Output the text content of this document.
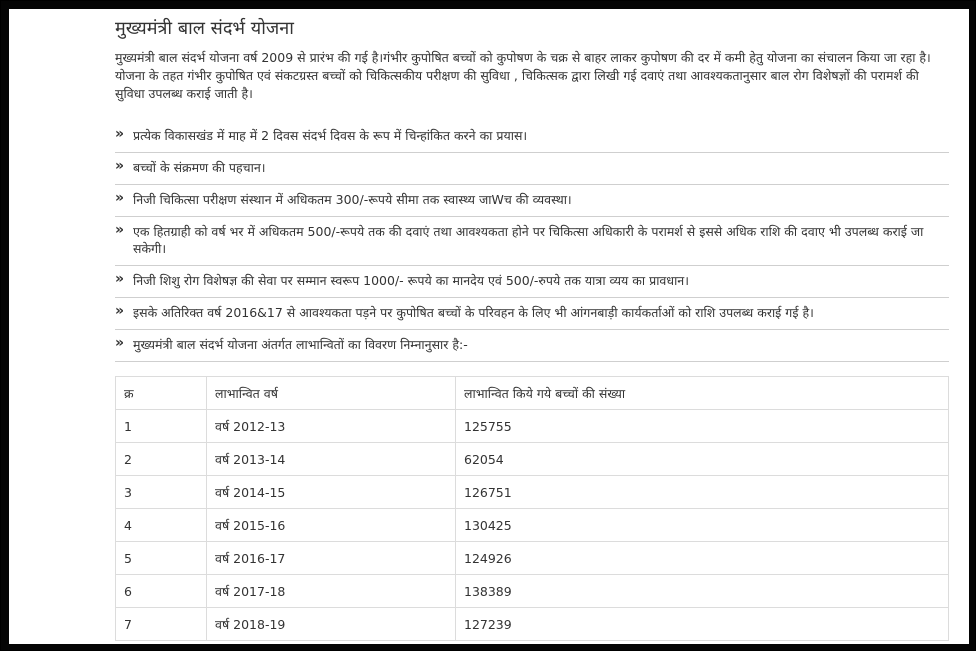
मुख्यमंत्री बाल संदर्भ योजना

मुख्यमंत्री बाल संदर्भ योजना वर्ष 2009 से प्रारंभ की गई है।गंभीर कुपोषित बच्चों को कुपोषण के चक्र से बाहर लाकर कुपोषण की दर में कमी हेतु योजना का संचालन किया जा रहा है।योजना के तहत गंभीर कुपोषित एवं संकटग्रस्त बच्चों को चिकित्सकीय परीक्षण की सुविधा , चिकित्सक द्वारा लिखी गई दवाएं तथा आवश्यकतानुसार बाल रोग विशेषज्ञों की परामर्श की सुविधा उपलब्ध कराई जाती है।

» प्रत्येक विकासखंड में माह में 2 दिवस संदर्भ दिवस के रूप में चिन्हांकित करने का प्रयास।
» बच्चों के संक्रमण की पहचान।
» निजी चिकित्सा परीक्षण संस्थान में अधिकतम 300/-रूपये सीमा तक स्वास्थ्य जाWच की व्यवस्था।
» एक हितग्राही को वर्ष भर में अधिकतम 500/-रूपये तक की दवाएं तथा आवश्यकता होने पर चिकित्सा अधिकारी के परामर्श से इससे अधिक राशि की दवाए भी उपलब्ध कराई जा सकेगी।
» निजी शिशु रोग विशेषज्ञ की सेवा पर सम्मान स्वरूप 1000/- रूपये का मानदेय एवं 500/-रुपये तक यात्रा व्यय का प्रावधान।
» इसके अतिरिक्त वर्ष 2016&17 से आवश्यकता पड़ने पर कुपोषित बच्चों के परिवहन के लिए भी आंगनबाड़ी कार्यकर्ताओं को राशि उपलब्ध कराई गई है।
» मुख्यमंत्री बाल संदर्भ योजना अंतर्गत लाभान्वितों का विवरण निम्नानुसार है:-
क्र	लाभान्वित वर्ष	लाभान्वित किये गये बच्चों की संख्या
1	वर्ष 2012-13	125755
2	वर्ष 2013-14	62054
3	वर्ष 2014-15	126751
4	वर्ष 2015-16	130425
5	वर्ष 2016-17	124926
6	वर्ष 2017-18	138389
7	वर्ष 2018-19	127239
